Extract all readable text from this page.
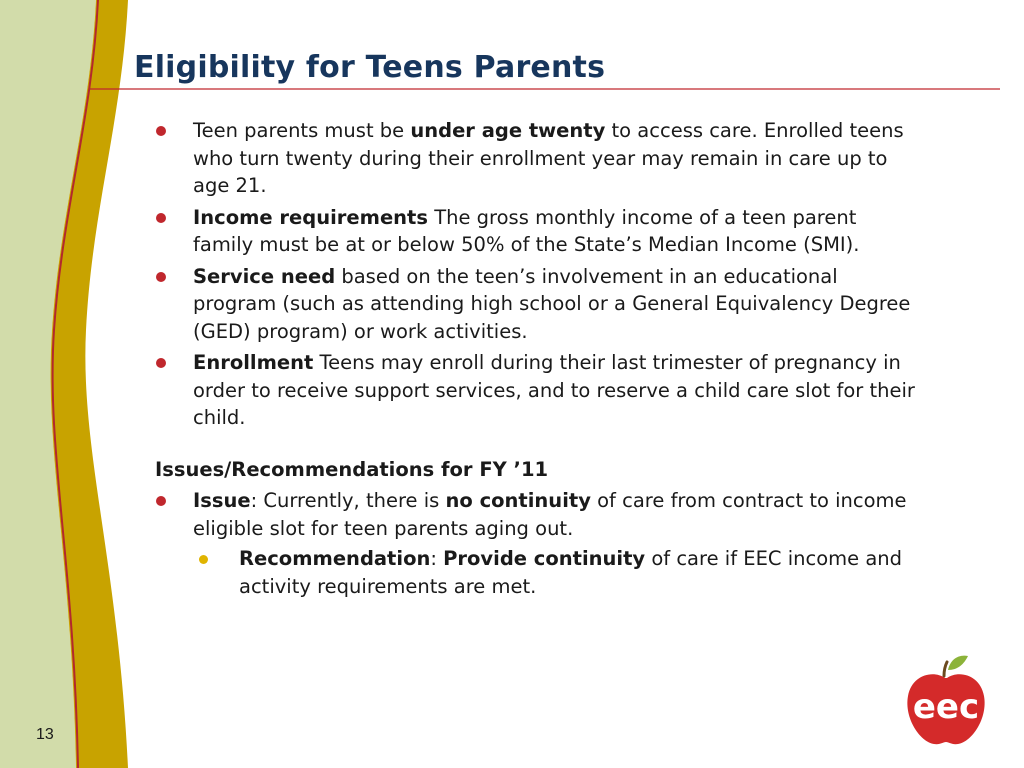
Eligibility for Teens Parents
Teen parents must be under age twenty to access care. Enrolled teens who turn twenty during their enrollment year may remain in care up to age 21.
Income requirements The gross monthly income of a teen parent family must be at or below 50% of the State’s Median Income (SMI).
Service need based on the teen’s involvement in an educational program (such as attending high school or a General Equivalency Degree (GED) program) or work activities.
Enrollment Teens may enroll during their last trimester of pregnancy in order to receive support services, and to reserve a child care slot for their child.
Issues/Recommendations for FY ’11
Issue: Currently, there is no continuity of care from contract to income eligible slot for teen parents aging out.
Recommendation: Provide continuity of care if EEC income and activity requirements are met.
13
eec
